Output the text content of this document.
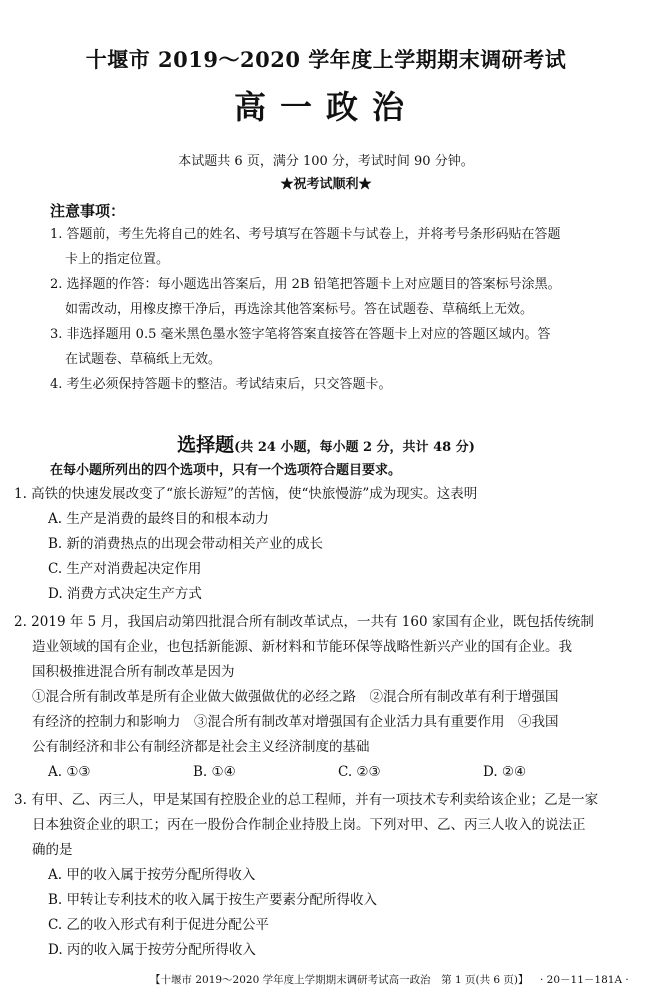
十堰市 2019～2020 学年度上学期期末调研考试
高一政治
本试题共 6 页，满分 100 分，考试时间 90 分钟。
★祝考试顺利★
注意事项：
1. 答题前，考生先将自己的姓名、考号填写在答题卡与试卷上，并将考号条形码贴在答题
卡上的指定位置。
2. 选择题的作答：每小题选出答案后，用 2B 铅笔把答题卡上对应题目的答案标号涂黑。
如需改动，用橡皮擦干净后，再选涂其他答案标号。答在试题卷、草稿纸上无效。
3. 非选择题用 0.5 毫米黑色墨水签字笔将答案直接答在答题卡上对应的答题区域内。答
在试题卷、草稿纸上无效。
4. 考生必须保持答题卡的整洁。考试结束后，只交答题卡。
选择题(共 24 小题，每小题 2 分，共计 48 分)
在每小题所列出的四个选项中，只有一个选项符合题目要求。
1. 高铁的快速发展改变了“旅长游短”的苦恼，使“快旅慢游”成为现实。这表明
A. 生产是消费的最终目的和根本动力
B. 新的消费热点的出现会带动相关产业的成长
C. 生产对消费起决定作用
D. 消费方式决定生产方式
2. 2019 年 5 月，我国启动第四批混合所有制改革试点，一共有 160 家国有企业，既包括传统制
造业领域的国有企业，也包括新能源、新材料和节能环保等战略性新兴产业的国有企业。我
国积极推进混合所有制改革是因为
①混合所有制改革是所有企业做大做强做优的必经之路　②混合所有制改革有利于增强国
有经济的控制力和影响力　③混合所有制改革对增强国有企业活力具有重要作用　④我国
公有制经济和非公有制经济都是社会主义经济制度的基础
A. ①③	B. ①④	C. ②③	D. ②④
3. 有甲、乙、丙三人，甲是某国有控股企业的总工程师，并有一项技术专利卖给该企业；乙是一家
日本独资企业的职工；丙在一股份合作制企业持股上岗。下列对甲、乙、丙三人收入的说法正
确的是
A. 甲的收入属于按劳分配所得收入
B. 甲转让专利技术的收入属于按生产要素分配所得收入
C. 乙的收入形式有利于促进分配公平
D. 丙的收入属于按劳分配所得收入
【十堰市 2019～2020 学年度上学期期末调研考试高一政治　第 1 页(共 6 页)】 · 20－11－181A ·
